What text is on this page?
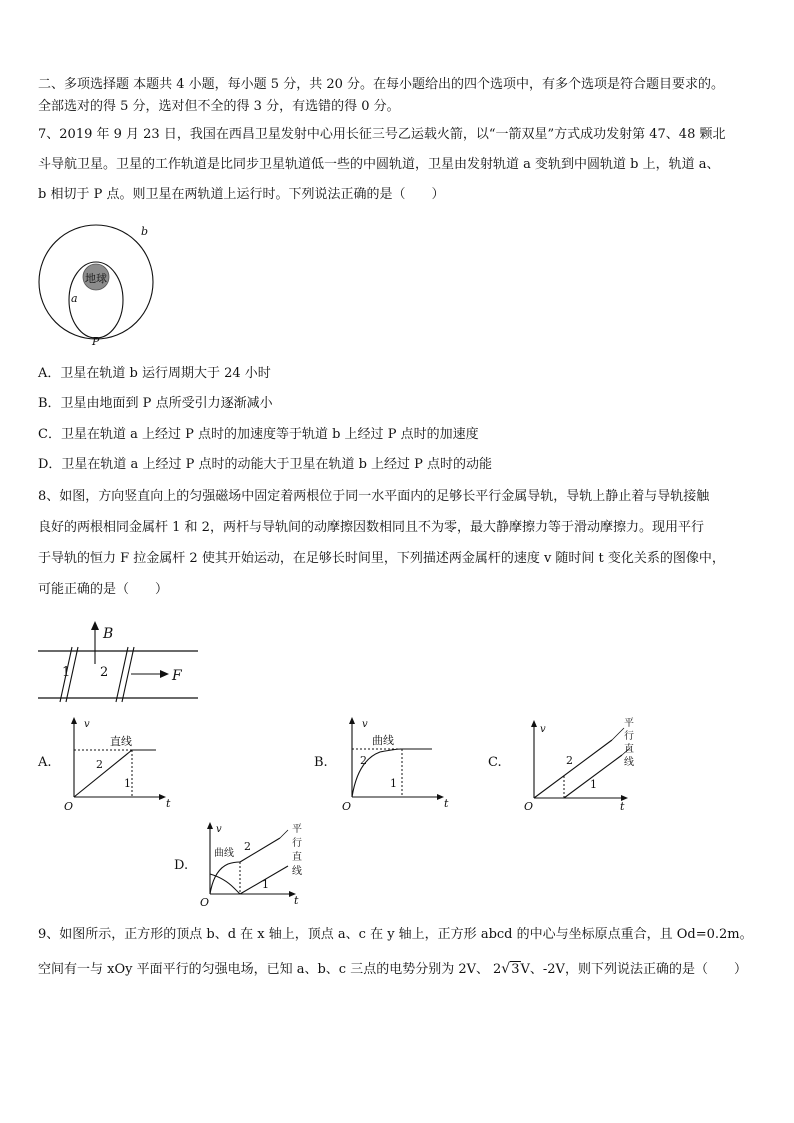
二、多项选择题 本题共 4 小题，每小题 5 分，共 20 分。在每小题给出的四个选项中，有多个选项是符合题目要求的。
全部选对的得 5 分，选对但不全的得 3 分，有选错的得 0 分。
7、2019 年 9 月 23 日，我国在西昌卫星发射中心用长征三号乙运载火箭，以“一箭双星”方式成功发射第 47、48 颗北
斗导航卫星。卫星的工作轨道是比同步卫星轨道低一些的中圆轨道，卫星由发射轨道 a 变轨到中圆轨道 b 上，轨道 a、
b 相切于 P 点。则卫星在两轨道上运行时。下列说法正确的是（　　）
地球
a
b
P
A．卫星在轨道 b 运行周期大于 24 小时
B．卫星由地面到 P 点所受引力逐渐减小
C．卫星在轨道 a 上经过 P 点时的加速度等于轨道 b 上经过 P 点时的加速度
D．卫星在轨道 a 上经过 P 点时的动能大于卫星在轨道 b 上经过 P 点时的动能
8、如图，方向竖直向上的匀强磁场中固定着两根位于同一水平面内的足够长平行金属导轨，导轨上静止着与导轨接触
良好的两根相同金属杆 1 和 2，两杆与导轨间的动摩擦因数相同且不为零，最大静摩擦力等于滑动摩擦力。现用平行
于导轨的恒力 F 拉金属杆 2 使其开始运动，在足够长时间里，下列描述两金属杆的速度 v 随时间 t 变化关系的图像中，
可能正确的是（　　）
B
F
1 2
A.
v
O	t
直线
2
1
B.
v
O	t
曲线
2
1
C.
v
O	t
2
1
平
行
直
线
D.
v
O	t
曲线
2
1
平
行
直
线
9、如图所示，正方形的顶点 b、d 在 x 轴上，顶点 a、c 在 y 轴上，正方形 abcd 的中心与坐标原点重合，且 Od=0.2m。
空间有一与 xOy 平面平行的匀强电场，已知 a、b、c 三点的电势分别为 2V、 2√3V、-2V，则下列说法正确的是（　　）
